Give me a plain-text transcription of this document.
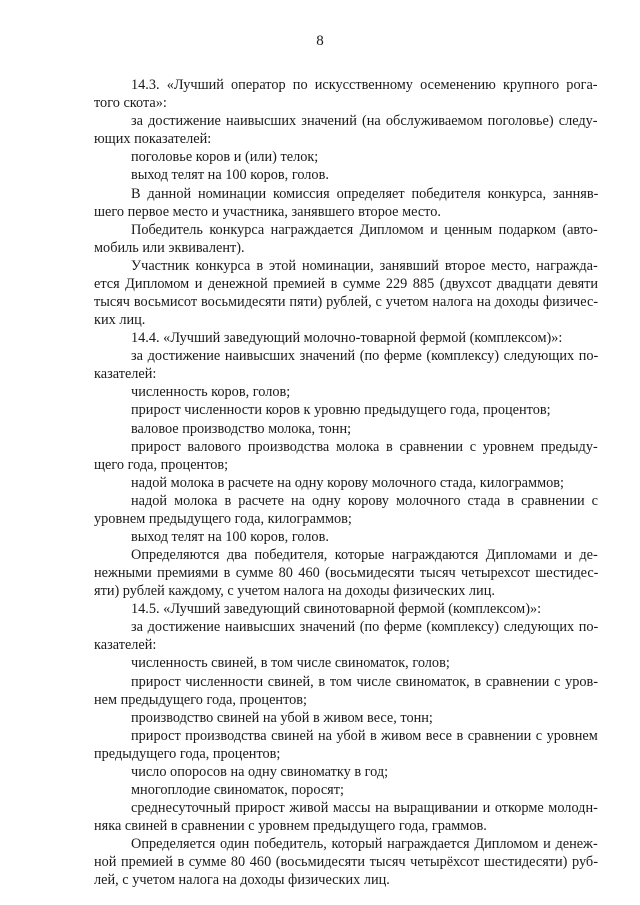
8
14.3. «Лучший оператор по искусственному осеменению крупного рога-
того скота»:
за достижение наивысших значений (на обслуживаемом поголовье) следу-
ющих показателей:
поголовье коров и (или) телок;
выход телят на 100 коров, голов.
В данной номинации комиссия определяет победителя конкурса, занняв-
шего первое место и участника, занявшего второе место.
Победитель конкурса награждается Дипломом и ценным подарком (авто-
мобиль или эквивалент).
Участник конкурса в этой номинации, занявший второе место, награжда-
ется Дипломом и денежной премией в сумме 229 885 (двухсот двадцати девяти
тысяч восьмисот восьмидесяти пяти) рублей, с учетом налога на доходы физичес-
ких лиц.
14.4. «Лучший заведующий молочно-товарной фермой (комплексом)»:
за достижение наивысших значений (по ферме (комплексу) следующих по-
казателей:
численность коров, голов;
прирост численности коров к уровню предыдущего года, процентов;
валовое производство молока, тонн;
прирост валового производства молока в сравнении с уровнем предыду-
щего года, процентов;
надой молока в расчете на одну корову молочного стада, килограммов;
надой молока в расчете на одну корову молочного стада в сравнении с
уровнем предыдущего года, килограммов;
выход телят на 100 коров, голов.
Определяются два победителя, которые награждаются Дипломами и де-
нежными премиями в сумме 80 460 (восьмидесяти тысяч четырехсот шестидес-
яти) рублей каждому, с учетом налога на доходы физических лиц.
14.5. «Лучший заведующий свинотоварной фермой (комплексом)»:
за достижение наивысших значений (по ферме (комплексу) следующих по-
казателей:
численность свиней, в том числе свиноматок, голов;
прирост численности свиней, в том числе свиноматок, в сравнении с уров-
нем предыдущего года, процентов;
производство свиней на убой в живом весе, тонн;
прирост производства свиней на убой в живом весе в сравнении с уровнем
предыдущего года, процентов;
число опоросов на одну свиноматку в год;
многоплодие свиноматок, поросят;
среднесуточный прирост живой массы на выращивании и откорме молодн-
няка свиней в сравнении с уровнем предыдущего года, граммов.
Определяется один победитель, который награждается Дипломом и денеж-
ной премией в сумме 80 460 (восьмидесяти тысяч четырёхсот шестидесяти) руб-
лей, с учетом налога на доходы физических лиц.
